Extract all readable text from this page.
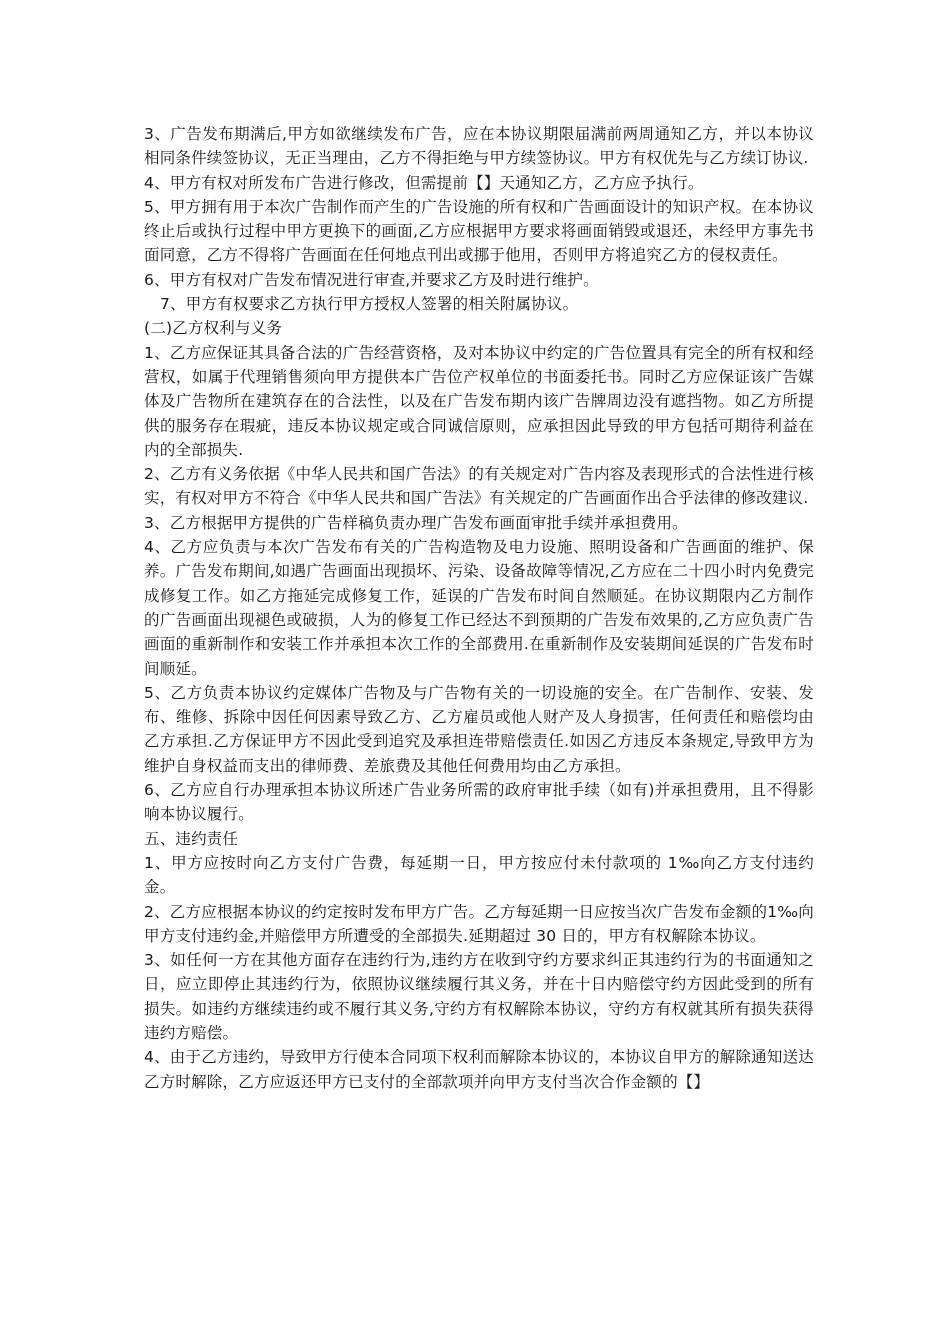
3、广告发布期满后,甲方如欲继续发布广告，应在本协议期限届满前两周通知乙方，并以本协议相同条件续签协议，无正当理由，乙方不得拒绝与甲方续签协议。甲方有权优先与乙方续订协议.

4、甲方有权对所发布广告进行修改，但需提前【】天通知乙方，乙方应予执行。

5、甲方拥有用于本次广告制作而产生的广告设施的所有权和广告画面设计的知识产权。在本协议终止后或执行过程中甲方更换下的画面,乙方应根据甲方要求将画面销毁或退还，未经甲方事先书面同意，乙方不得将广告画面在任何地点刊出或挪于他用，否则甲方将追究乙方的侵权责任。

6、甲方有权对广告发布情况进行审查,并要求乙方及时进行维护。

7、甲方有权要求乙方执行甲方授权人签署的相关附属协议。

(二)乙方权利与义务

1、乙方应保证其具备合法的广告经营资格，及对本协议中约定的广告位置具有完全的所有权和经营权，如属于代理销售须向甲方提供本广告位产权单位的书面委托书。同时乙方应保证该广告媒体及广告物所在建筑存在的合法性，以及在广告发布期内该广告牌周边没有遮挡物。如乙方所提供的服务存在瑕疵，违反本协议规定或合同诚信原则，应承担因此导致的甲方包括可期待利益在内的全部损失.

2、乙方有义务依据《中华人民共和国广告法》的有关规定对广告内容及表现形式的合法性进行核实，有权对甲方不符合《中华人民共和国广告法》有关规定的广告画面作出合乎法律的修改建议.

3、乙方根据甲方提供的广告样稿负责办理广告发布画面审批手续并承担费用。

4、乙方应负责与本次广告发布有关的广告构造物及电力设施、照明设备和广告画面的维护、保养。广告发布期间,如遇广告画面出现损坏、污染、设备故障等情况,乙方应在二十四小时内免费完成修复工作。如乙方拖延完成修复工作，延误的广告发布时间自然顺延。在协议期限内乙方制作的广告画面出现褪色或破损，人为的修复工作已经达不到预期的广告发布效果的,乙方应负责广告画面的重新制作和安装工作并承担本次工作的全部费用.在重新制作及安装期间延误的广告发布时间顺延。

5、乙方负责本协议约定媒体广告物及与广告物有关的一切设施的安全。在广告制作、安装、发布、维修、拆除中因任何因素导致乙方、乙方雇员或他人财产及人身损害，任何责任和赔偿均由乙方承担.乙方保证甲方不因此受到追究及承担连带赔偿责任.如因乙方违反本条规定,导致甲方为维护自身权益而支出的律师费、差旅费及其他任何费用均由乙方承担。

6、乙方应自行办理承担本协议所述广告业务所需的政府审批手续（如有)并承担费用，且不得影响本协议履行。

五、违约责任

1、甲方应按时向乙方支付广告费，每延期一日，甲方按应付未付款项的 1‰向乙方支付违约金。

2、乙方应根据本协议的约定按时发布甲方广告。乙方每延期一日应按当次广告发布金额的1‰向甲方支付违约金,并赔偿甲方所遭受的全部损失.延期超过 30 日的，甲方有权解除本协议。

3、如任何一方在其他方面存在违约行为,违约方在收到守约方要求纠正其违约行为的书面通知之日，应立即停止其违约行为，依照协议继续履行其义务，并在十日内赔偿守约方因此受到的所有损失。如违约方继续违约或不履行其义务,守约方有权解除本协议，守约方有权就其所有损失获得违约方赔偿。

4、由于乙方违约，导致甲方行使本合同项下权利而解除本协议的，本协议自甲方的解除通知送达乙方时解除，乙方应返还甲方已支付的全部款项并向甲方支付当次合作金额的【】
